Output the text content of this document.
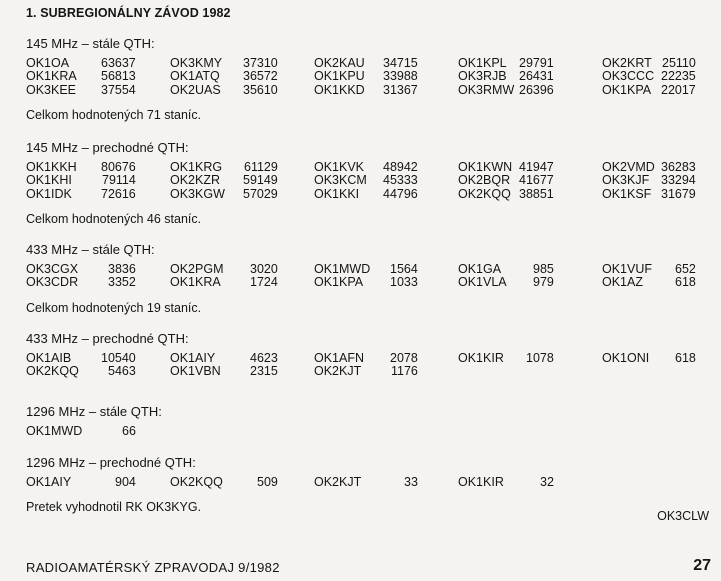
1. SUBREGIONÁLNY ZÁVOD 1982
145 MHz – stále QTH:
OK1OA	63637	OK3KMY 37310	OK2KAU 34715	OK1KPL 29791	OK2KRT 25110
OK1KRA 56813	OK1ATQ 36572	OK1KPU 33988	OK3RJB 26431	OK3CCC 22235
OK3KEE 37554	OK2UAS 35610	OK1KKD 31367	OK3RMW 26396	OK1KPA 22017
Celkom hodnotených 71 staníc.
145 MHz – prechodné QTH:
OK1KKH 80676	OK1KRG 61129	OK1KVK 48942	OK1KWN 41947	OK2VMD 36283
OK1KHI 79114	OK2KZR 59149	OK3KCM 45333	OK2BQR 41677	OK3KJF 33294
OK1IDK 72616	OK3KGW 57029	OK1KKI 44796	OK2KQQ 38851	OK1KSF 31679
Celkom hodnotených 46 staníc.
433 MHz – stále QTH:
OK3CGX 3836	OK2PGM 3020	OK1MWD 1564	OK1GA	985	OK1VUF 652
OK3CDR 3352	OK1KRA 1724	OK1KPA 1033	OK1VLA 979	OK1AZ	618
Celkom hodnotených 19 staníc.
433 MHz – prechodné QTH:
OK1AIB 10540	OK1AIY	4623	OK1AFN 2078	OK1KIR 1078	OK1ONI 618
OK2KQQ 5463	OK1VBN 2315	OK2KJT 1176
1296 MHz – stále QTH:
OK1MWD	66
1296 MHz – prechodné QTH:
OK1AIY	904	OK2KQQ	509	OK2KJT	33	OK1KIR	32
Pretek vyhodnotil RK OK3KYG.
OK3CLW
RADIOAMATÉRSKÝ ZPRAVODAJ 9/1982	27
